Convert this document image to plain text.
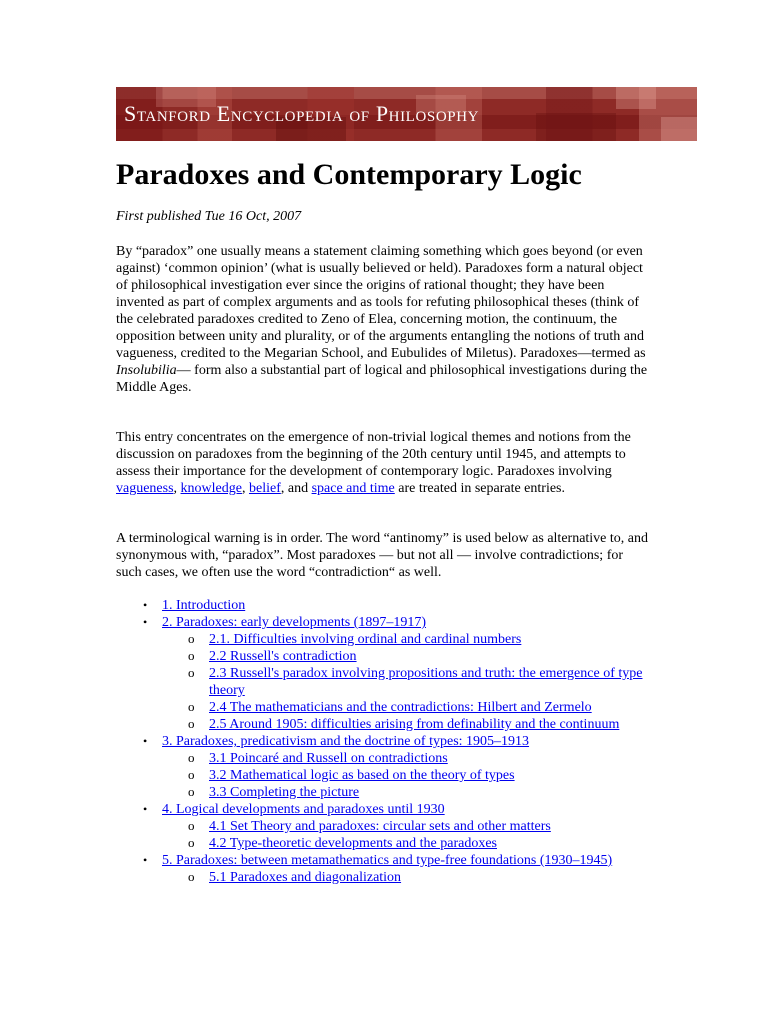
Stanford Encyclopedia of Philosophy
Paradoxes and Contemporary Logic
First published Tue 16 Oct, 2007

By “paradox” one usually means a statement claiming something which goes beyond (or even against) ‘common opinion’ (what is usually believed or held). Paradoxes form a natural object of philosophical investigation ever since the origins of rational thought; they have been invented as part of complex arguments and as tools for refuting philosophical theses (think of the celebrated paradoxes credited to Zeno of Elea, concerning motion, the continuum, the opposition between unity and plurality, or of the arguments entangling the notions of truth and vagueness, credited to the Megarian School, and Eubulides of Miletus). Paradoxes—termed as Insolubilia— form also a substantial part of logical and philosophical investigations during the Middle Ages.

This entry concentrates on the emergence of non-trivial logical themes and notions from the discussion on paradoxes from the beginning of the 20th century until 1945, and attempts to assess their importance for the development of contemporary logic. Paradoxes involving vagueness, knowledge, belief, and space and time are treated in separate entries.

A terminological warning is in order. The word “antinomy” is used below as alternative to, and synonymous with, “paradox”. Most paradoxes — but not all — involve contradictions; for such cases, we often use the word “contradiction“ as well.

• 1. Introduction
• 2. Paradoxes: early developments (1897–1917)
o 2.1. Difficulties involving ordinal and cardinal numbers
o 2.2 Russell's contradiction
o 2.3 Russell's paradox involving propositions and truth: the emergence of type theory
o 2.4 The mathematicians and the contradictions: Hilbert and Zermelo
o 2.5 Around 1905: difficulties arising from definability and the continuum
• 3. Paradoxes, predicativism and the doctrine of types: 1905–1913
o 3.1 Poincaré and Russell on contradictions
o 3.2 Mathematical logic as based on the theory of types
o 3.3 Completing the picture
• 4. Logical developments and paradoxes until 1930
o 4.1 Set Theory and paradoxes: circular sets and other matters
o 4.2 Type-theoretic developments and the paradoxes
• 5. Paradoxes: between metamathematics and type-free foundations (1930–1945)
o 5.1 Paradoxes and diagonalization
